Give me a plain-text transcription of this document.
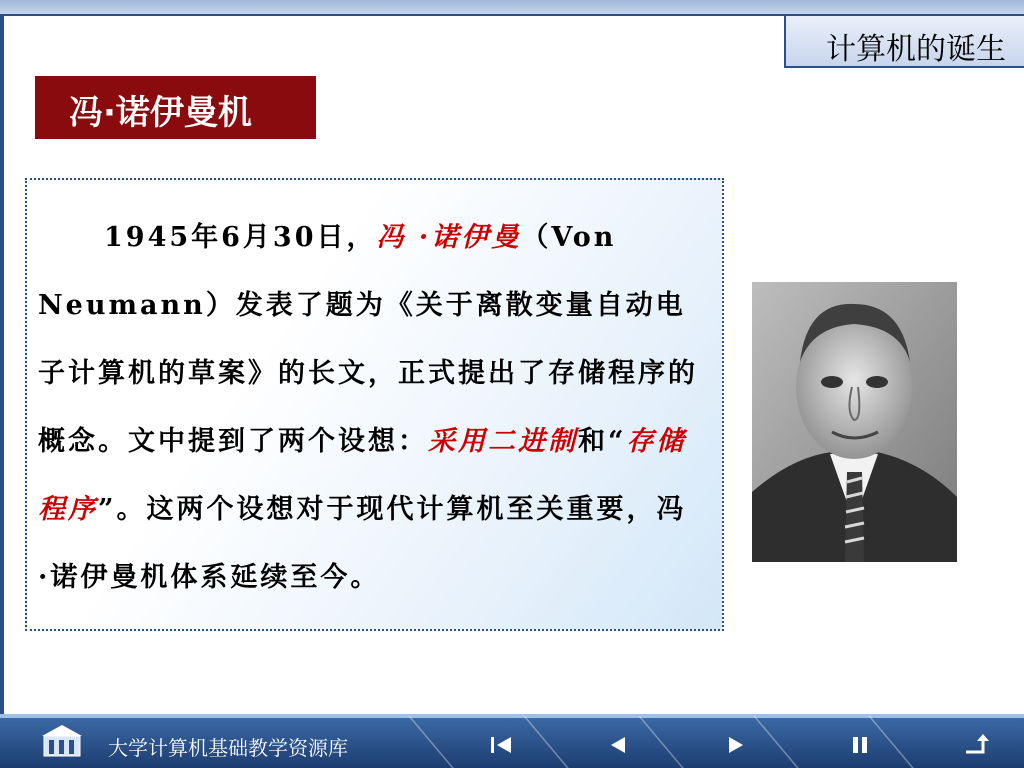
计算机的诞生
冯·诺伊曼机
1945年6月30日，冯 ·诺伊曼（Von Neumann）发表了题为《关于离散变量自动电子计算机的草案》的长文，正式提出了存储程序的概念。文中提到了两个设想：采用二进制和“存储程序”。这两个设想对于现代计算机至关重要，冯·诺伊曼机体系延续至今。
大学计算机基础教学资源库
